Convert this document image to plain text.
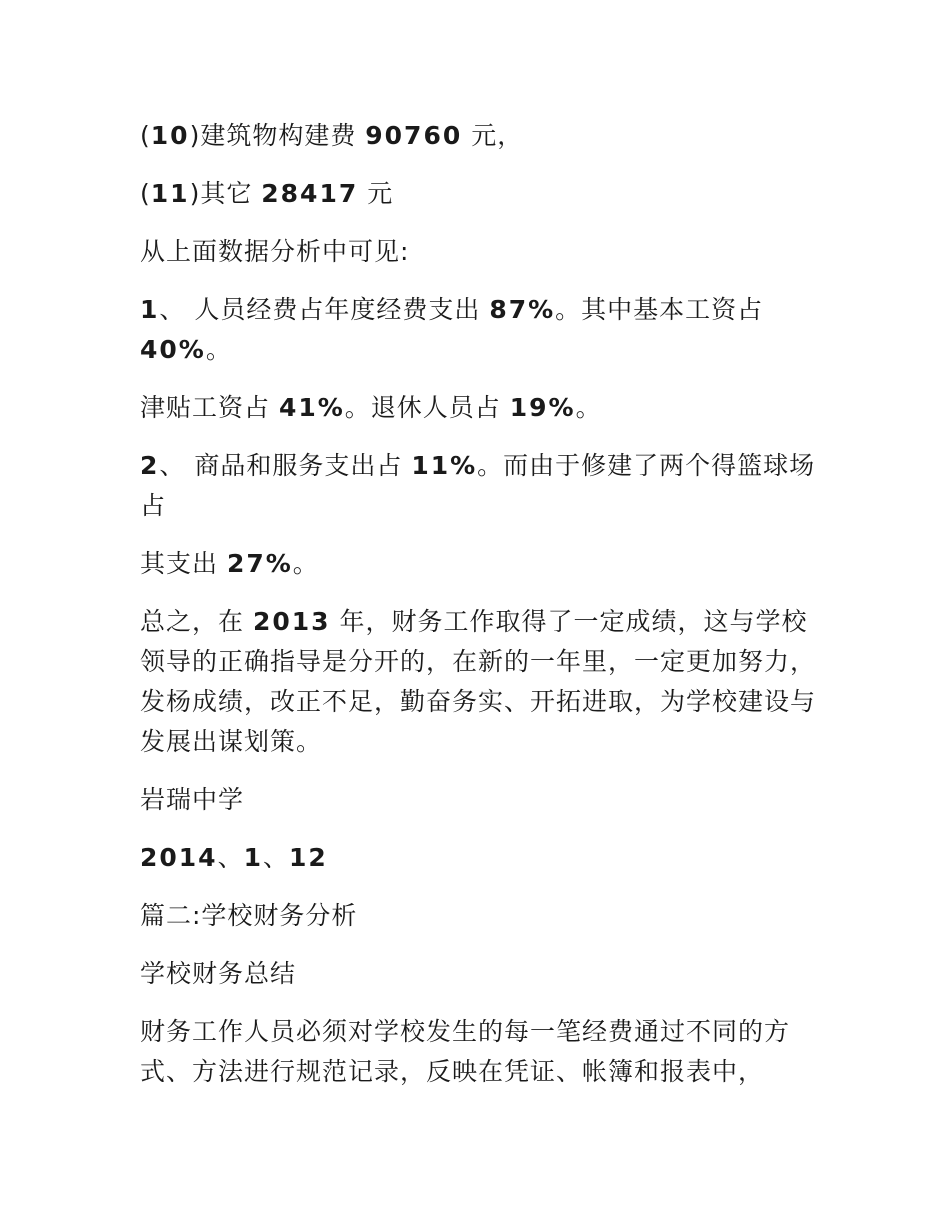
(10)建筑物构建费 90760 元，

(11)其它 28417 元

从上面数据分析中可见:

1、 人员经费占年度经费支出 87%。其中基本工资占 40%。

津贴工资占 41%。退休人员占 19%。

2、 商品和服务支出占 11%。而由于修建了两个得篮球场占

其支出 27%。

总之，在 2013 年，财务工作取得了一定成绩，这与学校领导的正确指导是分开的，在新的一年里，一定更加努力，发杨成绩，改正不足，勤奋务实、开拓进取，为学校建设与发展出谋划策。

岩瑞中学

2014、1、12

篇二:学校财务分析

学校财务总结

财务工作人员必须对学校发生的每一笔经费通过不同的方式、方法进行规范记录，反映在凭证、帐簿和报表中，
